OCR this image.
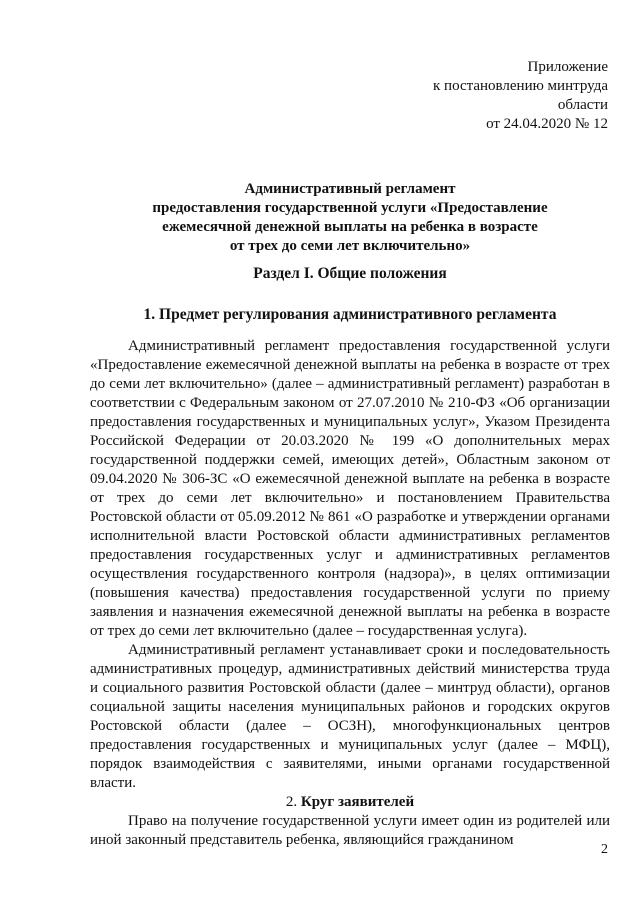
Приложение
к постановлению минтруда
области
от 24.04.2020 № 12
Административный регламент
предоставления государственной услуги «Предоставление
ежемесячной денежной выплаты на ребенка в возрасте
от трех до семи лет включительно»
Раздел I. Общие положения
1. Предмет регулирования административного регламента

Административный регламент предоставления государственной услуги «Предоставление ежемесячной денежной выплаты на ребенка в возрасте от трех до семи лет включительно» (далее – административный регламент) разработан в соответствии с Федеральным законом от 27.07.2010 № 210-ФЗ «Об организации предоставления государственных и муниципальных услуг», Указом Президента Российской Федерации от 20.03.2020 № 199 «О дополнительных мерах государственной поддержки семей, имеющих детей», Областным законом от 09.04.2020 № 306-ЗС «О ежемесячной денежной выплате на ребенка в возрасте от трех до семи лет включительно» и постановлением Правительства Ростовской области от 05.09.2012 № 861 «О разработке и утверждении органами исполнительной власти Ростовской области административных регламентов предоставления государственных услуг и административных регламентов осуществления государственного контроля (надзора)», в целях оптимизации (повышения качества) предоставления государственной услуги по приему заявления и назначения ежемесячной денежной выплаты на ребенка в возрасте от трех до семи лет включительно (далее – государственная услуга).

Административный регламент устанавливает сроки и последовательность административных процедур, административных действий министерства труда и социального развития Ростовской области (далее – минтруд области), органов социальной защиты населения муниципальных районов и городских округов Ростовской области (далее – ОСЗН), многофункциональных центров предоставления государственных и муниципальных услуг (далее – МФЦ), порядок взаимодействия с заявителями, иными органами государственной власти.

2. Круг заявителей

Право на получение государственной услуги имеет один из родителей или иной законный представитель ребенка, являющийся гражданином

2
